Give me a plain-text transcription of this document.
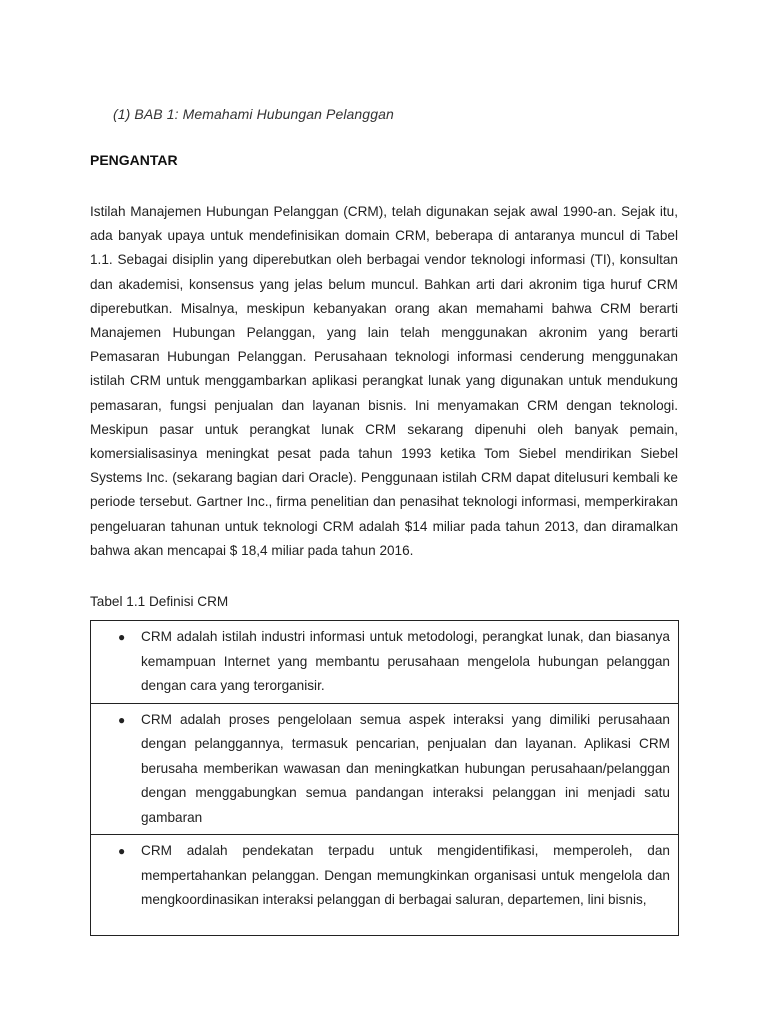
(1) BAB 1: Memahami Hubungan Pelanggan
PENGANTAR

Istilah Manajemen Hubungan Pelanggan (CRM), telah digunakan sejak awal 1990-an. Sejak itu, ada banyak upaya untuk mendefinisikan domain CRM, beberapa di antaranya muncul di Tabel 1.1. Sebagai disiplin yang diperebutkan oleh berbagai vendor teknologi informasi (TI), konsultan dan akademisi, konsensus yang jelas belum muncul. Bahkan arti dari akronim tiga huruf CRM diperebutkan. Misalnya, meskipun kebanyakan orang akan memahami bahwa CRM berarti Manajemen Hubungan Pelanggan, yang lain telah menggunakan akronim yang berarti Pemasaran Hubungan Pelanggan. Perusahaan teknologi informasi cenderung menggunakan istilah CRM untuk menggambarkan aplikasi perangkat lunak yang digunakan untuk mendukung pemasaran, fungsi penjualan dan layanan bisnis. Ini menyamakan CRM dengan teknologi. Meskipun pasar untuk perangkat lunak CRM sekarang dipenuhi oleh banyak pemain, komersialisasinya meningkat pesat pada tahun 1993 ketika Tom Siebel mendirikan Siebel Systems Inc. (sekarang bagian dari Oracle). Penggunaan istilah CRM dapat ditelusuri kembali ke periode tersebut. Gartner Inc., firma penelitian dan penasihat teknologi informasi, memperkirakan pengeluaran tahunan untuk teknologi CRM adalah $14 miliar pada tahun 2013, dan diramalkan bahwa akan mencapai $ 18,4 miliar pada tahun 2016.

Tabel 1.1 Definisi CRM
● CRM adalah istilah industri informasi untuk metodologi, perangkat lunak, dan biasanya kemampuan Internet yang membantu perusahaan mengelola hubungan pelanggan dengan cara yang terorganisir.

● CRM adalah proses pengelolaan semua aspek interaksi yang dimiliki perusahaan dengan pelanggannya, termasuk pencarian, penjualan dan layanan. Aplikasi CRM berusaha memberikan wawasan dan meningkatkan hubungan perusahaan/pelanggan dengan menggabungkan semua pandangan interaksi pelanggan ini menjadi satu gambaran

● CRM adalah pendekatan terpadu untuk mengidentifikasi, memperoleh, dan mempertahankan pelanggan. Dengan memungkinkan organisasi untuk mengelola dan mengkoordinasikan interaksi pelanggan di berbagai saluran, departemen, lini bisnis,
